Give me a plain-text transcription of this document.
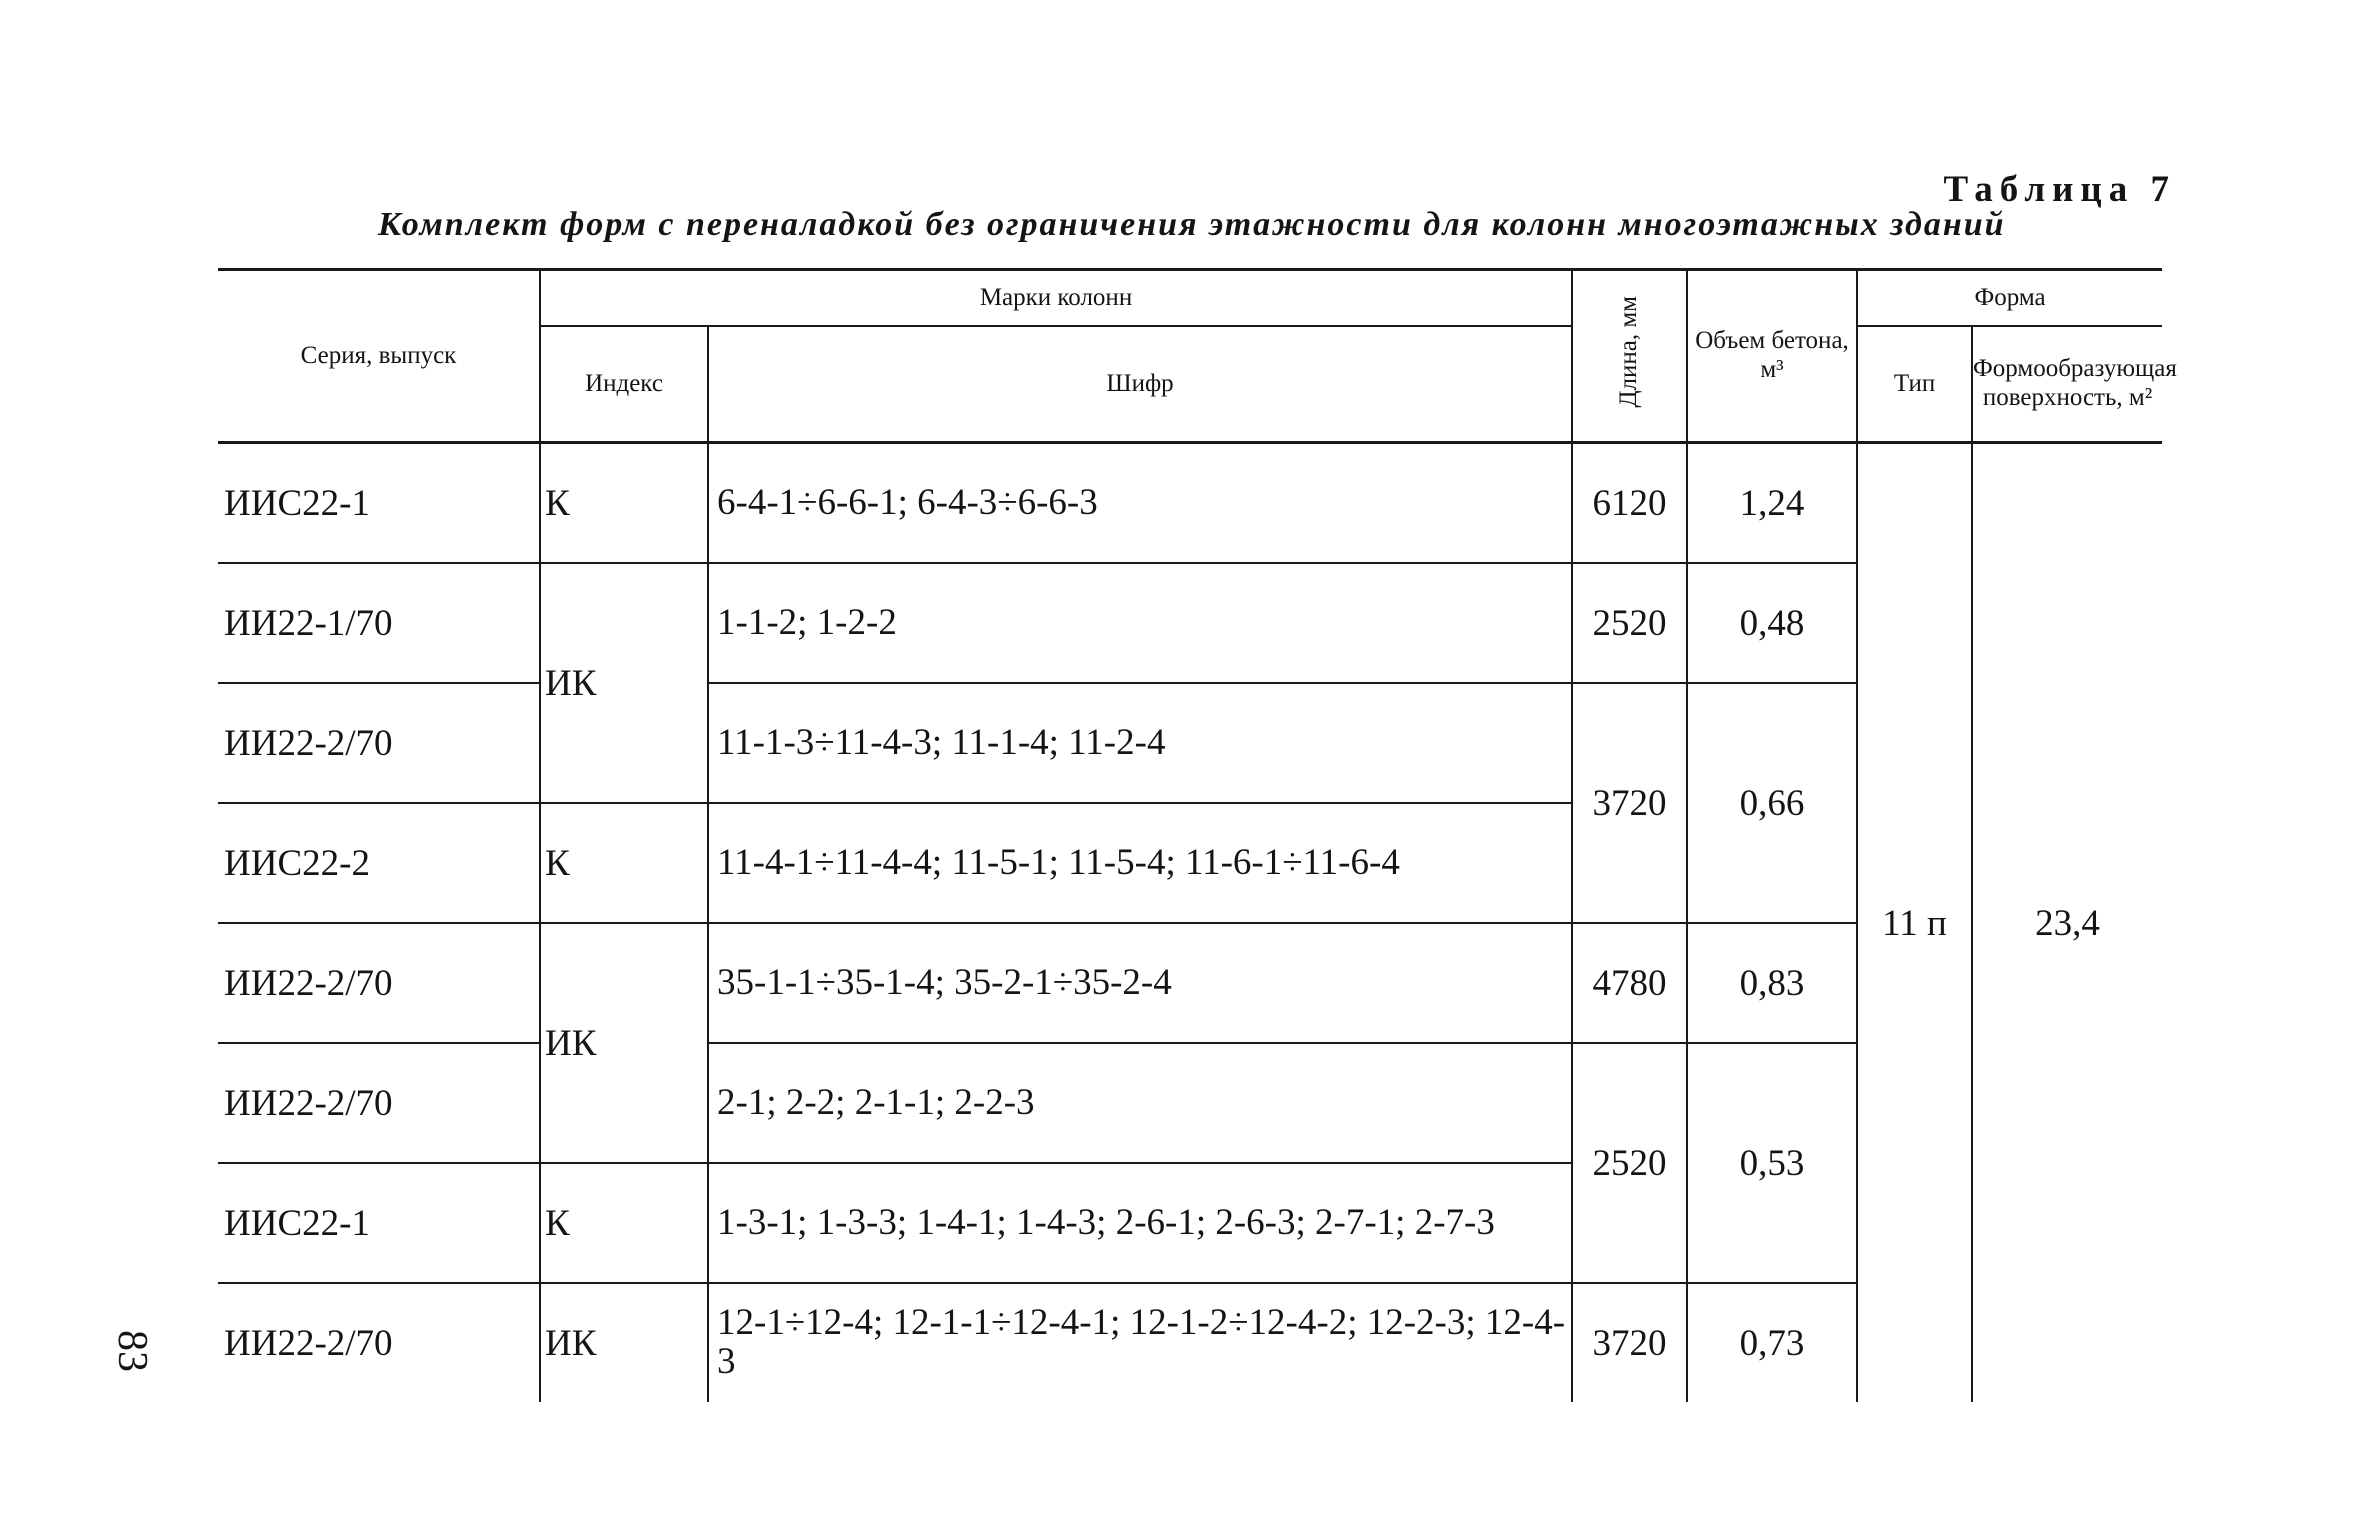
Таблица 7
Комплект форм с переналадкой без ограничения этажности для колонн многоэтажных зданий
83
Серия, выпуск	Марки колонн		Длина, мм	Объем бетона, м³	Форма	
	Индекс	Шифр			Тип	Формообразующая поверхность, м²
ИИС22-1	К	6-4-1÷6-6-1; 6-4-3÷6-6-3	6120	1,24	11 п	23,4
ИИ22-1/70	ИК	1-1-2; 1-2-2	2520	0,48		
ИИ22-2/70		11-1-3÷11-4-3; 11-1-4; 11-2-4	3720	0,66		
ИИС22-2	К	11-4-1÷11-4-4; 11-5-1; 11-5-4; 11-6-1÷11-6-4				
ИИ22-2/70	ИК	35-1-1÷35-1-4; 35-2-1÷35-2-4	4780	0,83		
ИИ22-2/70		2-1; 2-2; 2-1-1; 2-2-3	2520	0,53		
ИИС22-1	К	1-3-1; 1-3-3; 1-4-1; 1-4-3; 2-6-1; 2-6-3; 2-7-1; 2-7-3				
ИИ22-2/70	ИК	12-1÷12-4; 12-1-1÷12-4-1; 12-1-2÷12-4-2; 12-2-3; 12-4-3	3720	0,73		
